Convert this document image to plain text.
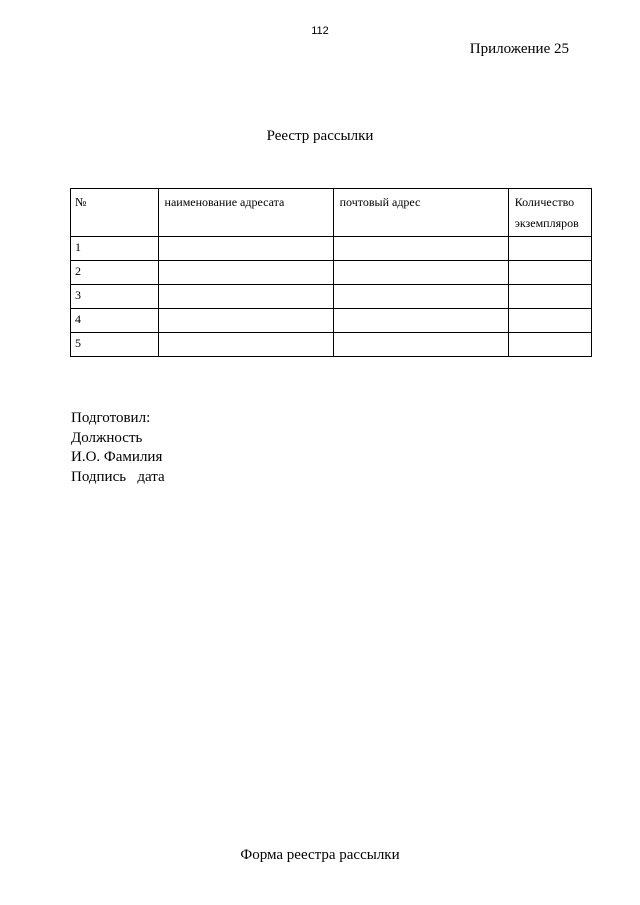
112
Приложение 25
Реестр рассылки
№	наименование адресата	почтовый адрес	Количество
экземпляров

1			
2			
3			
4			
5			
Подготовил:
Должность
И.О. Фамилия
Подпись   дата
Форма реестра рассылки
